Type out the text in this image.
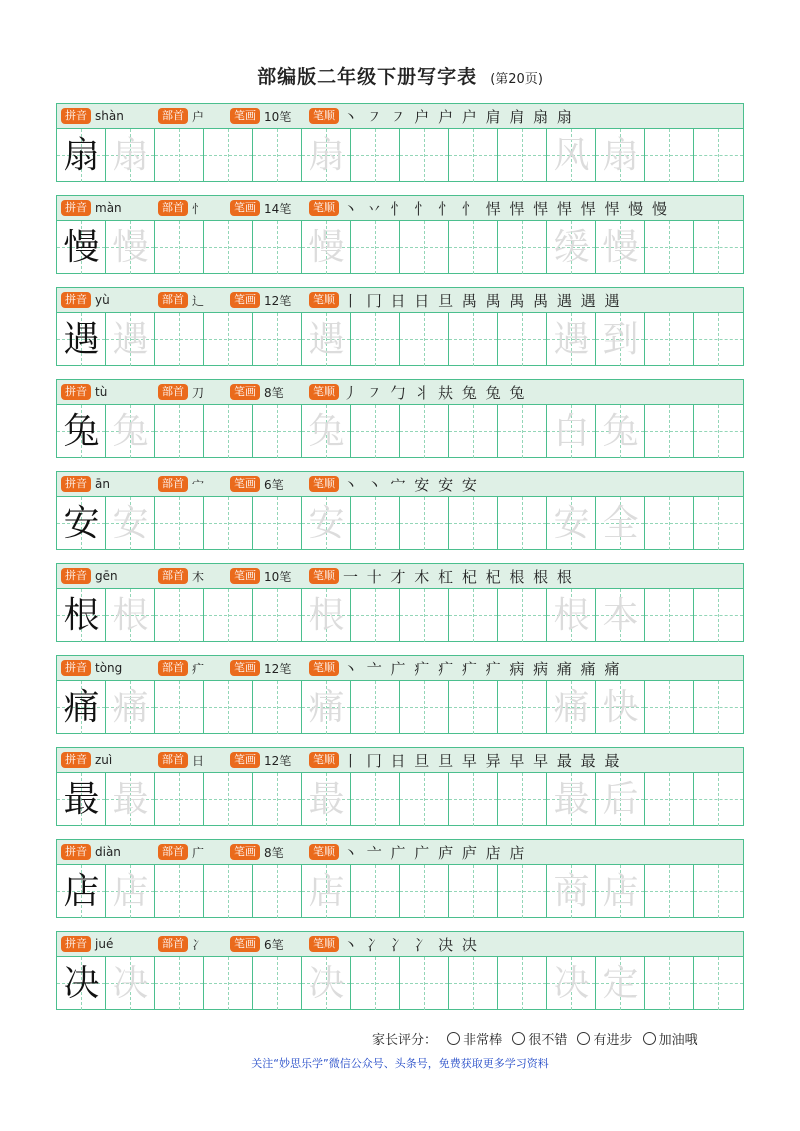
部编版二年级下册写字表 (第20页)
拼音 shàn	部首 户	笔画 10笔	笔顺 丶 ㇇ ㇇ 户 户 户 肩 肩 扇 扇
扇 扇	扇	风 扇
拼音 màn	部首 忄	笔画 14笔	笔顺 丶 丷 忄 忄 忄 忄 悍 悍 悍 悍 悍 悍 慢 慢
慢 慢	慢	缓 慢
拼音 yù	部首 辶	笔画 12笔	笔顺 丨 冂 日 日 旦 禺 禺 禺 禺 遇 遇 遇
遇 遇	遇	遇 到
拼音 tù	部首 刀	笔画 8笔	笔顺 丿 ㇇ 勹 丬 㚘 兔 兔 兔
兔 兔	兔	白 兔
拼音 ān	部首 宀	笔画 6笔	笔顺 丶 丶 宀 安 安 安
安 安	安	安 全
拼音 gēn	部首 木	笔画 10笔	笔顺 一 十 才 木 杠 杞 杞 根 根 根
根 根	根	根 本
拼音 tòng	部首 疒	笔画 12笔	笔顺 丶 亠 广 疒 疒 疒 疒 病 病 痛 痛 痛
痛 痛	痛	痛 快
拼音 zuì	部首 日	笔画 12笔	笔顺 丨 冂 日 旦 旦 早 异 早 早 最 最 最
最 最	最	最 后
拼音 diàn	部首 广	笔画 8笔	笔顺 丶 亠 广 广 庐 庐 店 店
店 店	店	商 店
拼音 jué	部首 冫	笔画 6笔	笔顺 丶 冫 冫 冫 决 决
决 决	决	决 定
家长评分： 非常棒 很不错 有进步 加油哦
关注“妙思乐学”微信公众号、头条号，免费获取更多学习资料
